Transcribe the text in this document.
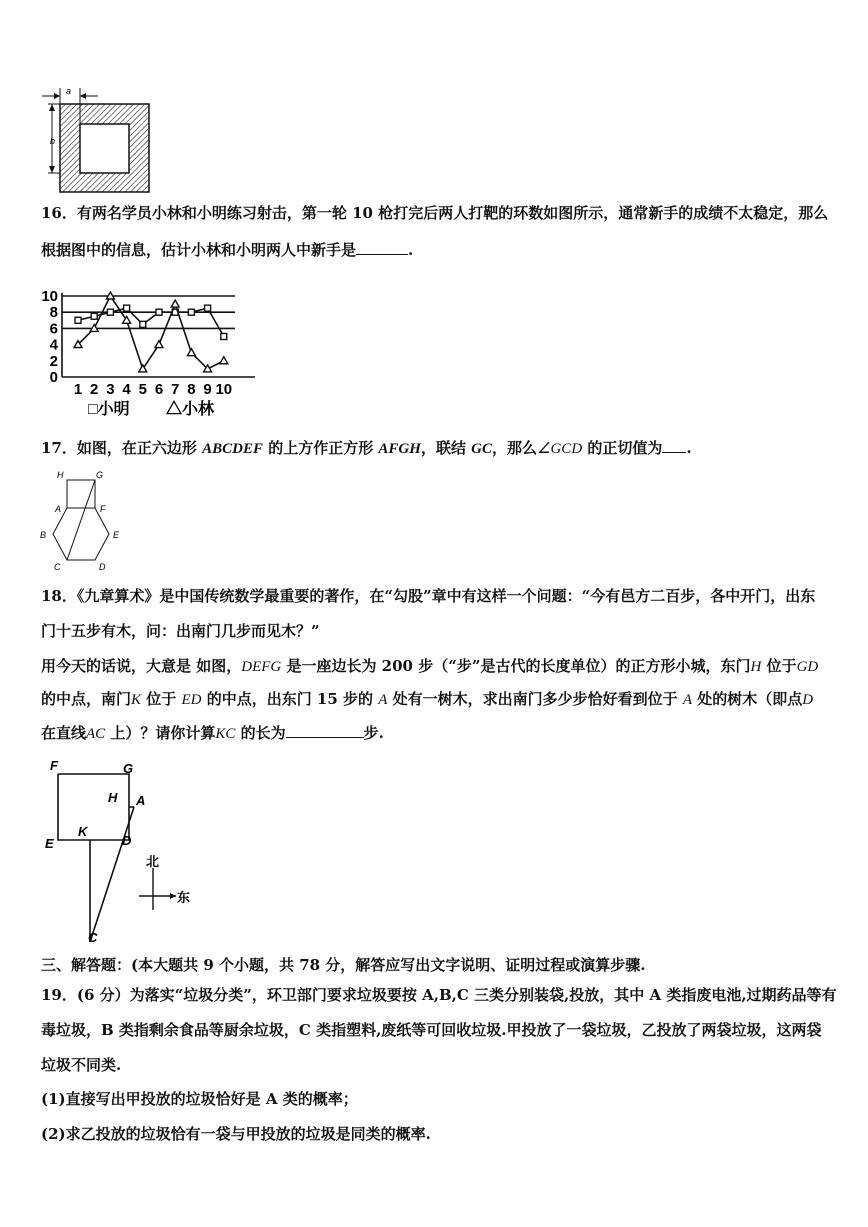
a
b
16．有两名学员小林和小明练习射击，第一轮 10 枪打完后两人打靶的环数如图所示，通常新手的成绩不太稳定，那么
根据图中的信息，估计小林和小明两人中新手是	.
0
2
4
6
8
10
1 2 3 4 5 6 7 8 9 10
□小明 △小林
17．如图，在正六边形 ABCDEF 的上方作正方形 AFGH，联结 GC，那么∠GCD 的正切值为 .
H	G
A	F
B	E
C	D
18．《九章算术》是中国传统数学最重要的著作，在“勾股”章中有这样一个问题：“今有邑方二百步，各中开门，出东
门十五步有木，问：出南门几步而见木？”
用今天的话说，大意是 如图，DEFG 是一座边长为 200 步（“步”是古代的长度单位）的正方形小城，东门H 位于GD
的中点，南门K 位于 ED 的中点，出东门 15 步的 A 处有一树木，求出南门多少步恰好看到位于 A 处的树木（即点D
在直线AC 上）？请你计算KC 的长为	步.
F	G
H A
E
K
D
C
北
东
三、解答题：(本大题共 9 个小题，共 78 分，解答应写出文字说明、证明过程或演算步骤.
19．(6 分）为落实“垃圾分类”，环卫部门要求垃圾要按 A,B,C 三类分别装袋,投放，其中 A 类指废电池,过期药品等有
毒垃圾，B 类指剩余食品等厨余垃圾，C 类指塑料,废纸等可回收垃圾.甲投放了一袋垃圾，乙投放了两袋垃圾，这两袋
垃圾不同类.
(1)直接写出甲投放的垃圾恰好是 A 类的概率；
(2)求乙投放的垃圾恰有一袋与甲投放的垃圾是同类的概率.
